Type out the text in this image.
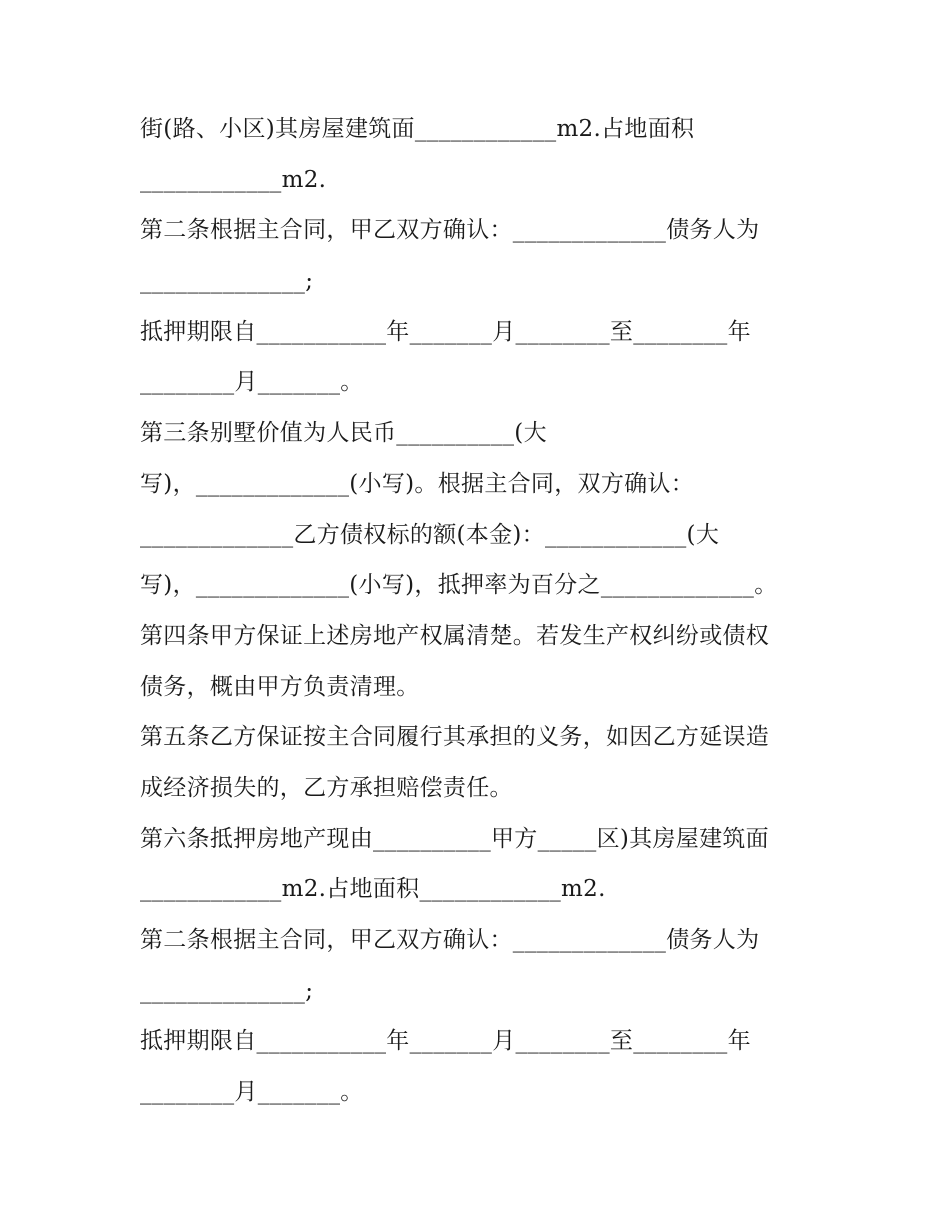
街(路、小区)其房屋建筑面____________m2.占地面积
____________m2.
第二条根据主合同，甲乙双方确认：_____________债务人为
______________;
抵押期限自___________年_______月________至________年
________月_______。
第三条别墅价值为人民币__________(大
写)，_____________(小写)。根据主合同，双方确认：
_____________乙方债权标的额(本金)：____________(大
写)，_____________(小写)，抵押率为百分之_____________。
第四条甲方保证上述房地产权属清楚。若发生产权纠纷或债权
债务，概由甲方负责清理。
第五条乙方保证按主合同履行其承担的义务，如因乙方延误造
成经济损失的，乙方承担赔偿责任。
第六条抵押房地产现由__________甲方_____区)其房屋建筑面
____________m2.占地面积____________m2.
第二条根据主合同，甲乙双方确认：_____________债务人为
______________;
抵押期限自___________年_______月________至________年
________月_______。
